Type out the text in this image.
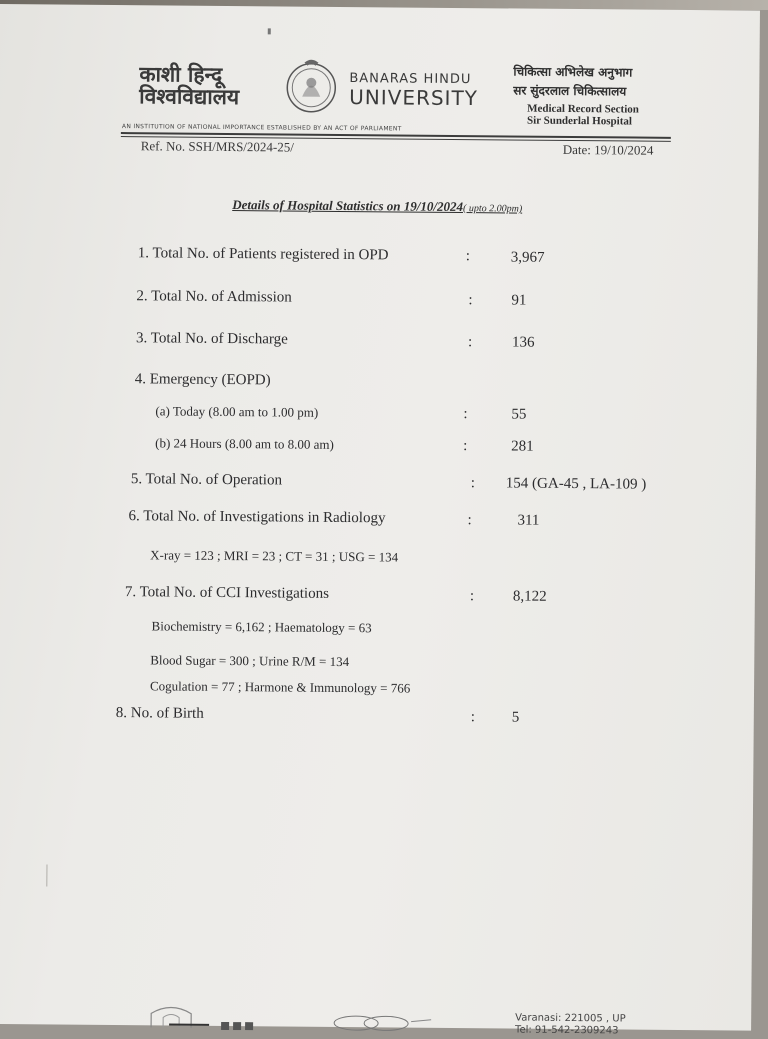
काशी हिन्दू
विश्वविद्यालय
BANARAS HINDU
UNIVERSITY
चिकित्सा अभिलेख अनुभाग
सर सुंदरलाल चिकित्सालय
Medical Record Section
Sir Sunderlal Hospital
AN INSTITUTION OF NATIONAL IMPORTANCE ESTABLISHED BY AN ACT OF PARLIAMENT
Ref. No. SSH/MRS/2024-25/	Date: 19/10/2024
Details of Hospital Statistics on 19/10/2024( upto 2.00pm)
1. Total No. of Patients registered in OPD	:	3,967
2. Total No. of Admission	:	91
3. Total No. of Discharge	:	136
4. Emergency (EOPD)
(a) Today (8.00 am to 1.00 pm)	:	55
(b) 24 Hours (8.00 am to 8.00 am)	:	281
5. Total No. of Operation	: 154 (GA-45 , LA-109 )
6. Total No. of Investigations in Radiology	:	311
X-ray = 123 ; MRI = 23 ; CT = 31 ; USG = 134
7. Total No. of CCI Investigations	:	8,122
Biochemistry = 6,162 ; Haematology = 63
Blood Sugar = 300 ; Urine R/M = 134
Cogulation = 77 ; Harmone & Immunology = 766
8. No. of Birth	: 5
Varanasi: 221005 , UP
Tel: 91-542-2309243
